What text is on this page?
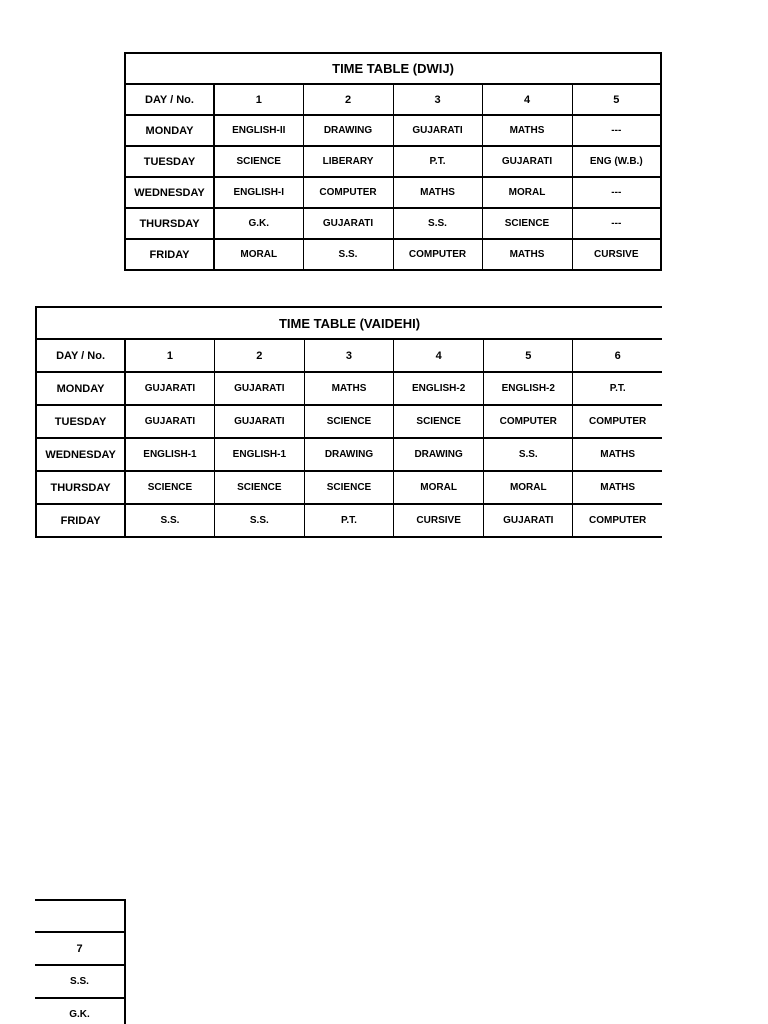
TIME TABLE (DWIJ)					
DAY / No.	1	2	3	4	5
MONDAY	ENGLISH-II	DRAWING	GUJARATI	MATHS	---
TUESDAY	SCIENCE	LIBERARY	P.T.	GUJARATI	ENG (W.B.)
WEDNESDAY	ENGLISH-I	COMPUTER	MATHS	MORAL	---
THURSDAY	G.K.	GUJARATI	S.S.	SCIENCE	---
FRIDAY	MORAL	S.S.	COMPUTER	MATHS	CURSIVE
TIME TABLE (VAIDEHI)						
DAY / No.	1	2	3	4	5	6
MONDAY	GUJARATI	GUJARATI	MATHS	ENGLISH-2	ENGLISH-2	P.T.
TUESDAY	GUJARATI	GUJARATI	SCIENCE	SCIENCE	COMPUTER	COMPUTER
WEDNESDAY	ENGLISH-1	ENGLISH-1	DRAWING	DRAWING	S.S.	MATHS
THURSDAY	SCIENCE	SCIENCE	SCIENCE	MORAL	MORAL	MATHS
FRIDAY	S.S.	S.S.	P.T.	CURSIVE	GUJARATI	COMPUTER

7
S.S.
G.K.
